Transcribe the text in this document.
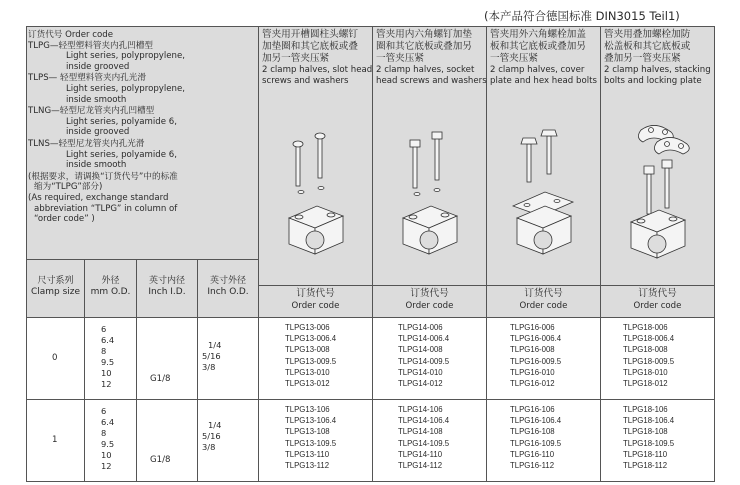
(本产品符合德国标准 DIN3015 Teil1)
订货代号 Order code
TLPG—轻型塑料管夹内孔凹槽型
Light series, polypropylene,
inside grooved
TLPS— 轻型塑料管夹内孔光滑
Light series, polypropylene,
inside smooth
TLNG—轻型尼龙管夹内孔凹槽型
Light series, polyamide 6,
inside grooved
TLNS—轻型尼龙管夹内孔光滑
Light series, polyamide 6,
inside smooth
(根据要求，请调换“订货代号”中的标准
缩为“TLPG”部分)
(As required, exchange standard
abbreviation “TLPG” in column of
“order code” )
尺寸系列
Clamp size
外径
mm O.D.
英寸内径
Inch I.D.
英寸外径
Inch O.D.
管夹用开槽圆柱头螺钉
加垫圈和其它底板或叠
加另一管夹压紧
2 clamp halves, slot head
screws and washers
管夹用内六角螺钉加垫
圈和其它底板或叠加另
一管夹压紧
2 clamp halves, socket
head screws and washers
管夹用外六角螺栓加盖
板和其它底板或叠加另
一管夹压紧
2 clamp halves, cover
plate and hex head bolts
管夹用叠加螺栓加防
松盖板和其它底板或
叠加另一管夹压紧
2 clamp halves, stacking
bolts and locking plate
订货代号
Order code
订货代号
Order code
订货代号
Order code
订货代号
Order code
0
6
6.4
8
9.5
10
12	G1/8
1/4
5/16
3/8
TLPG13-006
TLPG13-006.4
TLPG13-008
TLPG13-009.5
TLPG13-010
TLPG13-012
TLPG14-006
TLPG14-006.4
TLPG14-008
TLPG14-009.5
TLPG14-010
TLPG14-012
TLPG16-006
TLPG16-006.4
TLPG16-008
TLPG16-009.5
TLPG16-010
TLPG16-012
TLPG18-006
TLPG18-006.4
TLPG18-008
TLPG18-009.5
TLPG18-010
TLPG18-012
1
6
6.4
8
9.5
10
12
G1/8
1/4
5/16
3/8
TLPG13-106
TLPG13-106.4
TLPG13-108
TLPG13-109.5
TLPG13-110
TLPG13-112
TLPG14-106
TLPG14-106.4
TLPG14-108
TLPG14-109.5
TLPG14-110
TLPG14-112
TLPG16-106
TLPG16-106.4
TLPG16-108
TLPG16-109.5
TLPG16-110
TLPG16-112
TLPG18-106
TLPG18-106.4
TLPG18-108
TLPG18-109.5
TLPG18-110
TLPG18-112
